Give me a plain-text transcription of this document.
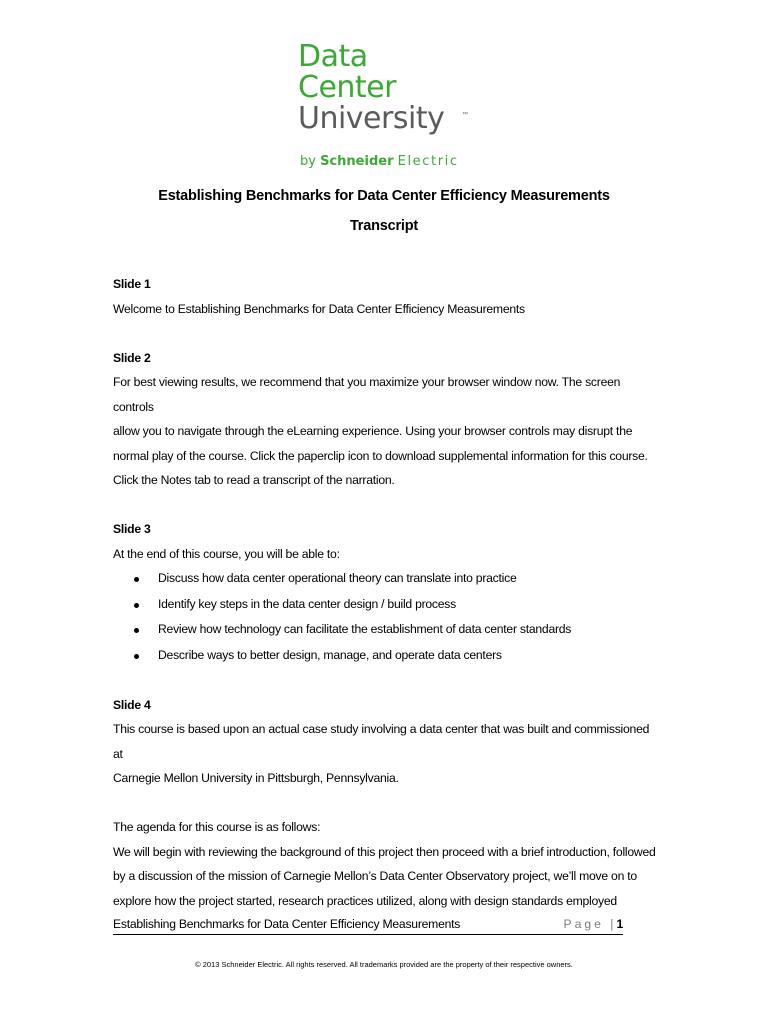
Data
Center
University	™
by Schneider Electric
Establishing Benchmarks for Data Center Efficiency Measurements
Transcript

Slide 1

Welcome to Establishing Benchmarks for Data Center Efficiency Measurements

Slide 2

For best viewing results, we recommend that you maximize your browser window now. The screen controls

allow you to navigate through the eLearning experience. Using your browser controls may disrupt the

normal play of the course. Click the paperclip icon to download supplemental information for this course.

Click the Notes tab to read a transcript of the narration.

Slide 3

At the end of this course, you will be able to:

Discuss how data center operational theory can translate into practice
Identify key steps in the data center design / build process
Review how technology can facilitate the establishment of data center standards
Describe ways to better design, manage, and operate data centers

Slide 4

This course is based upon an actual case study involving a data center that was built and commissioned at

Carnegie Mellon University in Pittsburgh, Pennsylvania.

The agenda for this course is as follows:

We will begin with reviewing the background of this project then proceed with a brief introduction, followed

by a discussion of the mission of Carnegie Mellon’s Data Center Observatory project, we’ll move on to

explore how the project started, research practices utilized, along with design standards employed

Establishing Benchmarks for Data Center Efficiency Measurements	Page |1
© 2013 Schneider Electric. All rights reserved. All trademarks provided are the property of their respective owners.
